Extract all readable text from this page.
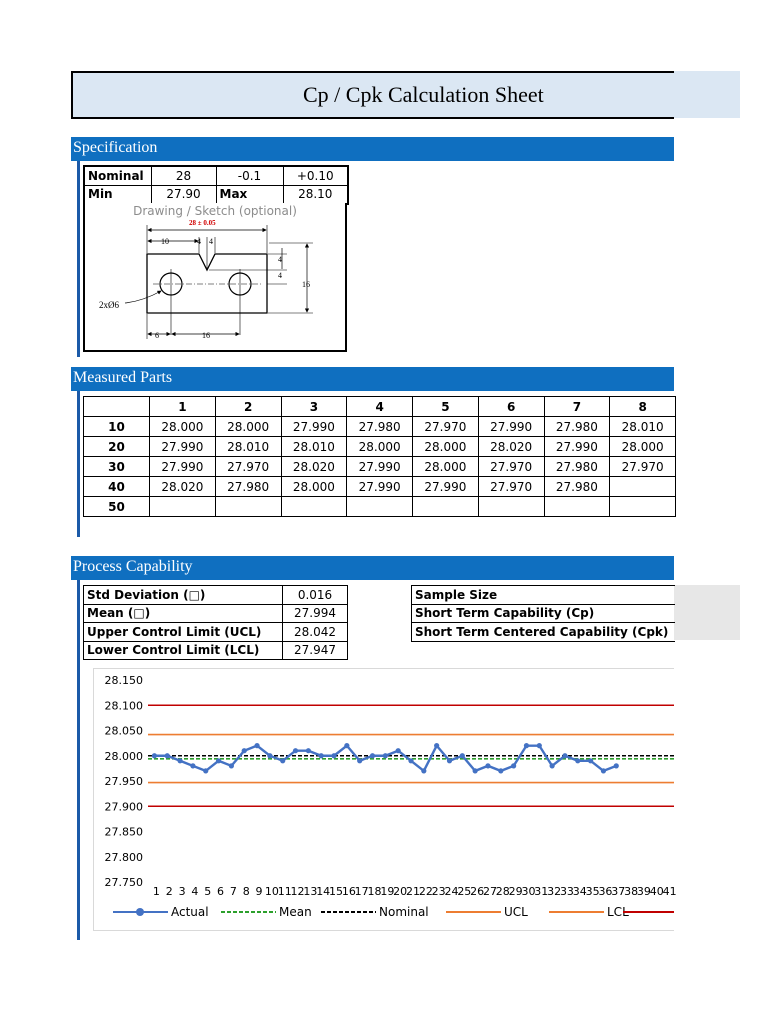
Cp / Cpk Calculation Sheet
Specification
Nominal	28	-0.1	+0.10
Min	27.90	Max	28.10
Drawing / Sketch (optional)
28 ± 0.05
10	4 4
4
4
16
2xØ6
6	16
Measured Parts
	1	2	3	4	5	6	7	8
10	28.000	28.000	27.990	27.980	27.970	27.990	27.980	28.010
20	27.990	28.010	28.010	28.000	28.000	28.020	27.990	28.000
30	27.990	27.970	28.020	27.990	28.000	27.970	27.980	27.970
40	28.020	27.980	28.000	27.990	27.990	27.970	27.980	
50								
Process Capability
Std Deviation (□)	0.016
Mean (□)	27.994
Upper Control Limit (UCL)	28.042
Lower Control Limit (LCL)	27.947
Sample Size
Short Term Capability (Cp)
Short Term Centered Capability (Cpk)
28.150
28.100
28.050
28.000
27.950
27.900
27.850
27.800
27.750
1 2 3 4 5 6 7 8 9 10
11
12
13
14
15
16
17
18
19
20
21
22
23
24
25
26
27
28
29
30
31
32
33
34
35
36
37
38
39
40
41
Actual	Mean	Nominal	UCL	LCL
